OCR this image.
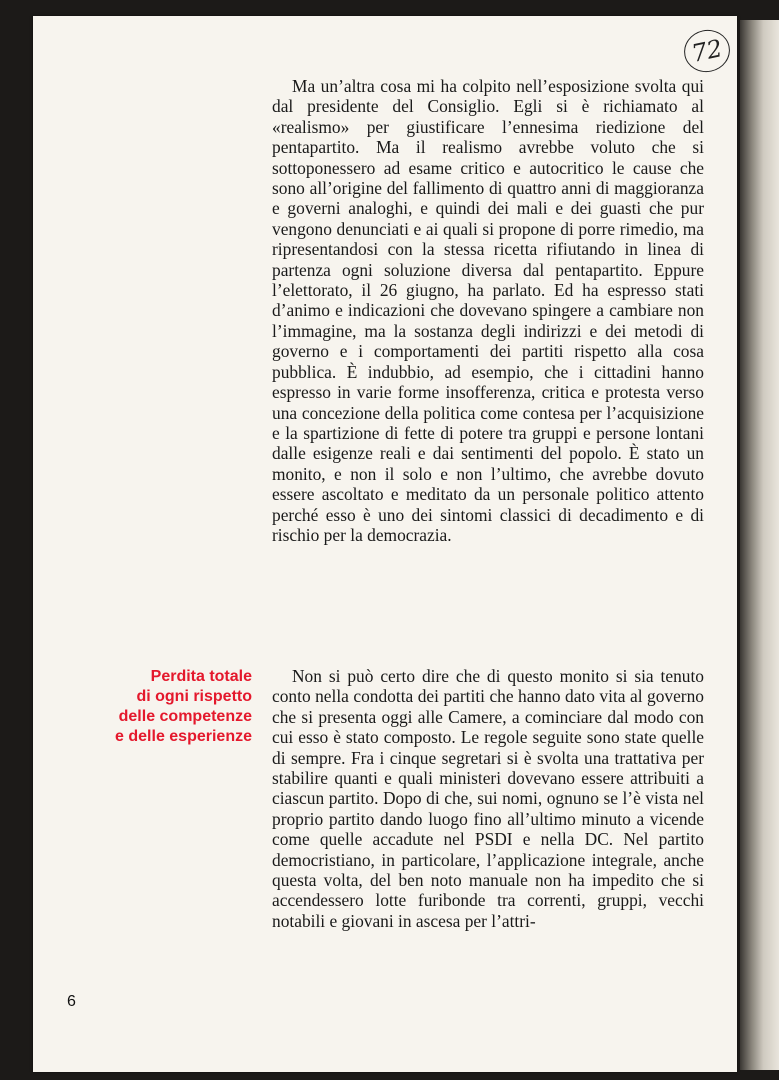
72

Ma un’altra cosa mi ha colpito nell’esposizione svolta qui dal presidente del Consiglio. Egli si è richiamato al «realismo» per giustificare l’ennesima riedizione del pentapartito. Ma il realismo avrebbe voluto che si sottoponessero ad esame critico e autocritico le cause che sono all’origine del fallimento di quattro anni di maggioranza e governi analoghi, e quindi dei mali e dei guasti che pur vengono denunciati e ai quali si propone di porre rimedio, ma ripresentandosi con la stessa ricetta rifiutando in linea di partenza ogni soluzione diversa dal pentapartito. Eppure l’elettorato, il 26 giugno, ha parlato. Ed ha espresso stati d’animo e indicazioni che dovevano spingere a cambiare non l’immagine, ma la sostanza degli indirizzi e dei metodi di governo e i comportamenti dei partiti rispetto alla cosa pubblica. È indubbio, ad esempio, che i cittadini hanno espresso in varie forme insofferenza, critica e protesta verso una concezione della politica come contesa per l’acquisizione e la spartizione di fette di potere tra gruppi e persone lontani dalle esigenze reali e dai sentimenti del popolo. È stato un monito, e non il solo e non l’ultimo, che avrebbe dovuto essere ascoltato e meditato da un personale politico attento perché esso è uno dei sintomi classici di decadimento e di rischio per la democrazia.

Perdita totale
di ogni rispetto
delle competenze
e delle esperienze

Non si può certo dire che di questo monito si sia tenuto conto nella condotta dei partiti che hanno dato vita al governo che si presenta oggi alle Camere, a cominciare dal modo con cui esso è stato composto. Le regole seguite sono state quelle di sempre. Fra i cinque segretari si è svolta una trattativa per stabilire quanti e quali ministeri dovevano essere attribuiti a ciascun partito. Dopo di che, sui nomi, ognuno se l’è vista nel proprio partito dando luogo fino all’ultimo minuto a vicende come quelle accadute nel PSDI e nella DC. Nel partito democristiano, in particolare, l’applicazione integrale, anche questa volta, del ben noto manuale non ha impedito che si accendessero lotte furibonde tra correnti, gruppi, vecchi notabili e giovani in ascesa per l’attri-

6
